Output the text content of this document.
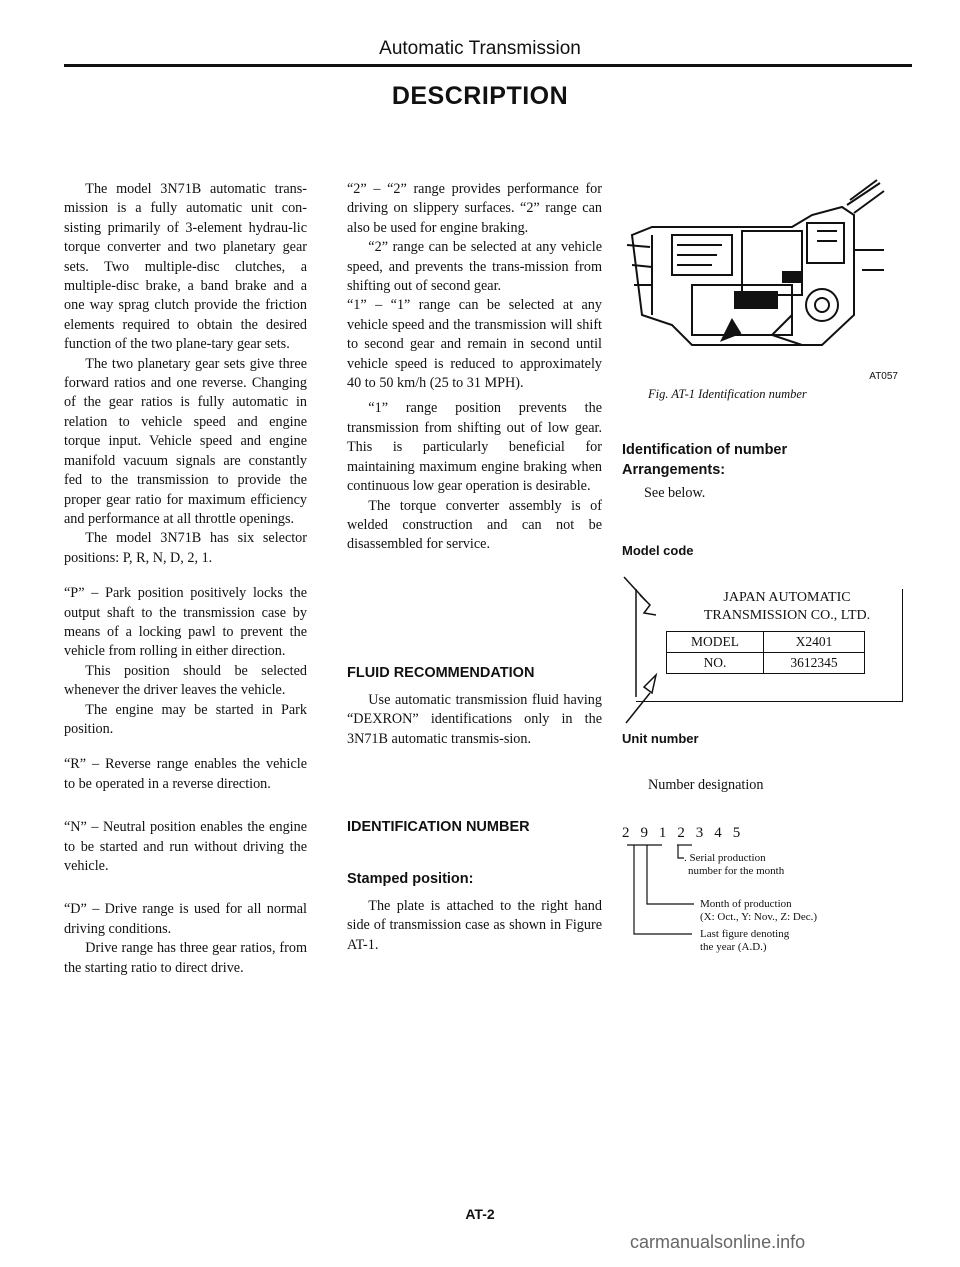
Automatic Transmission
DESCRIPTION

The model 3N71B automatic trans-mission is a fully automatic unit con-sisting primarily of 3-element hydrau-lic torque converter and two planetary gear sets. Two multiple-disc clutches, a multiple-disc brake, a band brake and a one way sprag clutch provide the friction elements required to obtain the desired function of the two plane-tary gear sets.

The two planetary gear sets give three forward ratios and one reverse. Changing of the gear ratios is fully automatic in relation to vehicle speed and engine torque input. Vehicle speed and engine manifold vacuum signals are constantly fed to the transmission to provide the proper gear ratio for maximum efficiency and performance at all throttle openings.

The model 3N71B has six selector positions: P, R, N, D, 2, 1.

“P” – Park position positively locks the output shaft to the transmission case by means of a locking pawl to prevent the vehicle from rolling in either direction.

This position should be selected whenever the driver leaves the vehicle.

The engine may be started in Park position.

“R” – Reverse range enables the vehicle to be operated in a reverse direction.

“N” – Neutral position enables the engine to be started and run without driving the vehicle.

“D” – Drive range is used for all normal driving conditions.

Drive range has three gear ratios, from the starting ratio to direct drive.

“2” – “2” range provides performance for driving on slippery surfaces. “2” range can also be used for engine braking.

“2” range can be selected at any vehicle speed, and prevents the trans-mission from shifting out of second gear.

“1” – “1” range can be selected at any vehicle speed and the transmission will shift to second gear and remain in second until vehicle speed is reduced to approximately 40 to 50 km/h (25 to 31 MPH).

“1” range position prevents the transmission from shifting out of low gear. This is particularly beneficial for maintaining maximum engine braking when continuous low gear operation is desirable.

The torque converter assembly is of welded construction and can not be disassembled for service.

FLUID RECOMMENDATION

Use automatic transmission fluid having “DEXRON” identifications only in the 3N71B automatic transmis-sion.

IDENTIFICATION NUMBER
Stamped position:

The plate is attached to the right hand side of transmission case as shown in Figure AT-1.

AT057
Fig. AT-1 Identification number
Identification of number
Arrangements:

See below.

Model code
JAPAN AUTOMATIC
TRANSMISSION CO., LTD.
MODEL	X2401
NO.	3612345
Unit number

Number designation

2 9 1 2 3 4 5
. Serial production
number for the month
Month of production
(X: Oct., Y: Nov., Z: Dec.)
Last figure denoting
the year (A.D.)
AT-2
carmanualsonline.info
